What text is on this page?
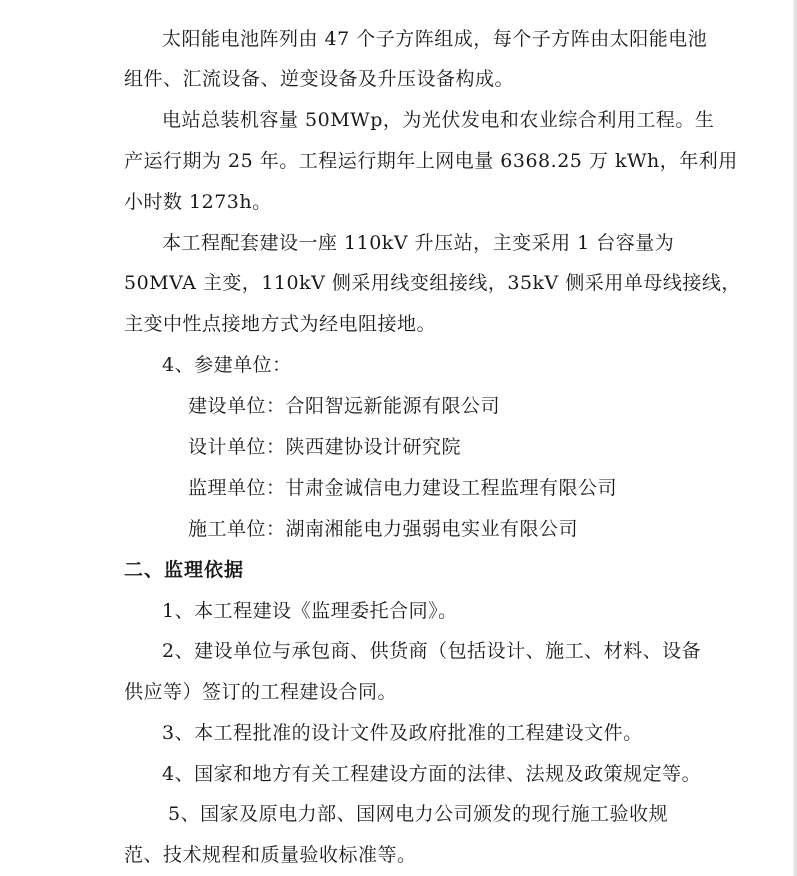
太阳能电池阵列由 47 个子方阵组成，每个子方阵由太阳能电池
组件、汇流设备、逆变设备及升压设备构成。
电站总装机容量 50MWp，为光伏发电和农业综合利用工程。生
产运行期为 25 年。工程运行期年上网电量 6368.25 万 kWh，年利用
小时数 1273h。
本工程配套建设一座 110kV 升压站，主变采用 1 台容量为
50MVA 主变，110kV 侧采用线变组接线，35kV 侧采用单母线接线，
主变中性点接地方式为经电阻接地。
4、参建单位：
建设单位：合阳智远新能源有限公司
设计单位：陕西建协设计研究院
监理单位：甘肃金诚信电力建设工程监理有限公司
施工单位：湖南湘能电力强弱电实业有限公司
二、监理依据
1、本工程建设《监理委托合同》。
2、建设单位与承包商、供货商（包括设计、施工、材料、设备
供应等）签订的工程建设合同。
3、本工程批准的设计文件及政府批准的工程建设文件。
4、国家和地方有关工程建设方面的法律、法规及政策规定等。
5、国家及原电力部、国网电力公司颁发的现行施工验收规
范、技术规程和质量验收标准等。
